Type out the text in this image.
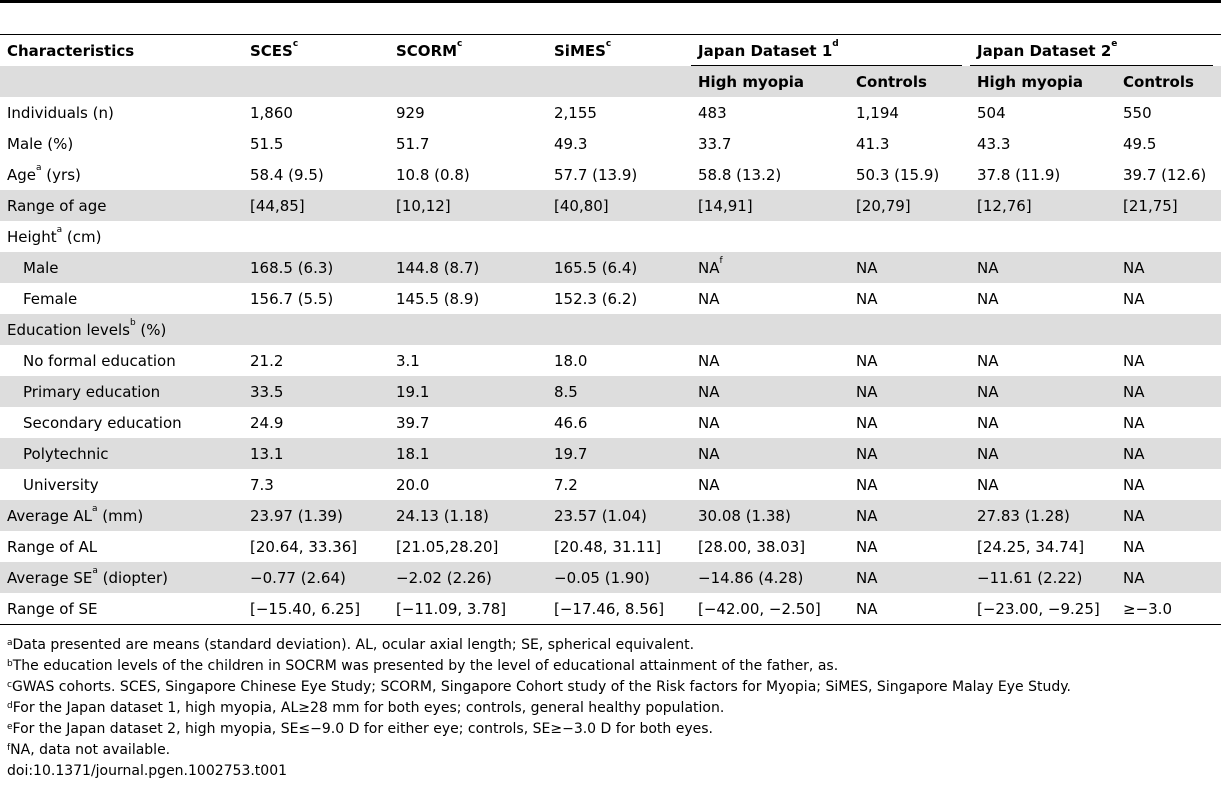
Characteristics	SCES$^c$	SCORM$^c$	SiMES$^c$	Japan Dataset 1$^d$		Japan Dataset 2e
				High myopia	Controls	High myopia	Controls
Individuals (n)	1,860	929	2,155	483	1,194	504	550
Male (%)	51.5	51.7	49.3	33.7	41.3	43.3	49.5
Age$^a$ (yrs)	58.4 (9.5)	10.8 (0.8)	57.7 (13.9)	58.8 (13.2)	50.3 (15.9)	37.8 (11.9)	39.7 (12.6)
Range of age	[44,85]	[10,12]	[40,80]	[14,91]	[20,79]	[12,76]	[21,75]
Height$^a$ (cm)							
Male	168.5 (6.3)	144.8 (8.7)	165.5 (6.4)	$NA^f$	NA	NA	NA
Female	156.7 (5.5)	145.5 (8.9)	152.3 (6.2)	NA	NA	NA	NA
Education levels$^b$ (%)							
No formal education	21.2	3.1	18.0	NA	NA	NA	NA
Primary education	33.5	19.1	8.5	NA	NA	NA	NA
Secondary education	24.9	39.7	46.6	NA	NA	NA	NA
Polytechnic	13.1	18.1	19.7	NA	NA	NA	NA
University	7.3	20.0	7.2	NA	NA	NA	NA
Average $AL^a$ (mm)	23.97 (1.39)	24.13 (1.18)	23.57 (1.04)	30.08 (1.38)	NA	27.83 (1.28)	NA
Range of AL	[20.64, 33.36]	[21.05,28.20]	[20.48, 31.11]	[28.00, 38.03]	NA	[24.25, 34.74]	NA
Average $SE^a$ (diopter)	−0.77 (2.64)	−2.02 (2.26)	−0.05 (1.90)	−14.86 (4.28)	NA	−11.61 (2.22)	NA
Range of SE	[−15.40, 6.25]	[−11.09, 3.78]	[−17.46, 8.56]	[−42.00, −2.50]	NA	[−23.00, −9.25]	≥−3.0
$^a$Data presented are means (standard deviation). AL, ocular axial length; SE, spherical equivalent.
$^b$The education levels of the children in SOCRM was presented by the level of educational attainment of the father, as.
$^c$GWAS cohorts. SCES, Singapore Chinese Eye Study; SCORM, Singapore Cohort study of the Risk factors for Myopia; SiMES, Singapore Malay Eye Study.
$^d$For the Japan dataset 1, high myopia, AL≥28 mm for both eyes; controls, general healthy population.
$^e$For the Japan dataset 2, high myopia, SE≤−9.0 D for either eye; controls, SE≥−3.0 D for both eyes.
$^f$NA, data not available.
doi:10.1371/journal.pgen.1002753.t001
